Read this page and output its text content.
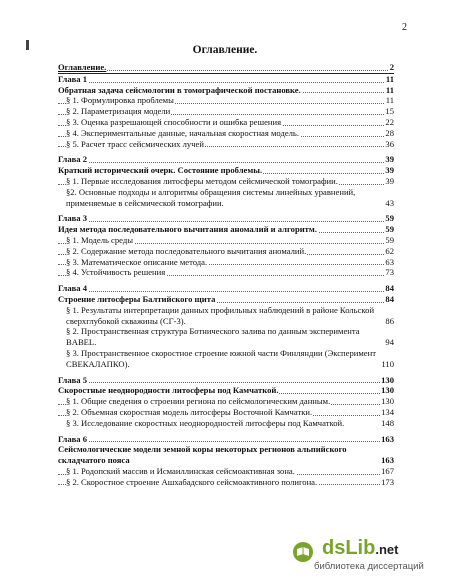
2
Оглавление.
Оглавление.	2
Глава 1	11
Обратная задача сейсмологии в томографической постановке.	11
§ 1. Формулировка проблемы	11
§ 2. Параметризация модели	15
§ 3. Оценка разрешающей способности и ошибка решения	22
§ 4. Экспериментальные данные, начальная скоростная модель.	28
§ 5. Расчет трасс сейсмических лучей	36
Глава 2	39
Краткий исторический очерк. Состояние проблемы.	39
§ 1. Первые исследования литосферы методом сейсмической томографии.	39
§2. Основные подходы и алгоритмы обращения системы линейных уравнений, применяемые в сейсмической томографии.	43
Глава 3	59
Идея метода последовательного вычитания аномалий и алгоритм.	59
§ 1. Модель среды	59
§ 2. Содержание метода последовательного вычитания аномалий.	62
§ 3. Математическое описание метода.	63
§ 4. Устойчивость решения	73
Глава 4	84
Строение литосферы Балтийского щита	84
§ 1. Результаты интерпретации данных профильных наблюдений в районе Кольской сверхглубокой скважины (СГ-3).	86
§ 2. Пространственная структура Ботнического залива по данным эксперимента BABEL.	94
§ 3. Пространственное скоростное строение южной части Финляндии (Эксперимент СВЕКАЛАПКО).	110
Глава 5	130
Скоростные неоднородности литосферы под Камчаткой.	130
§ 1. Общие сведения о строении региона по сейсмологическим данным.	130
§ 2. Объемная скоростная модель литосферы Восточной Камчатки.	134
§ 3. Исследование скоростных неоднородностей литосферы под Камчаткой.	148
Глава 6	163
Сейсмологические модели земной коры некоторых регионов альпийского складчатого пояса	163
§ 1. Родопский массив и Исмаиллинская сейсмоактивная зона.	167
§ 2. Скоростное строение Ашхабадского сейсмоактивного полигона.	173
dsLib.net
библиотека диссертаций
